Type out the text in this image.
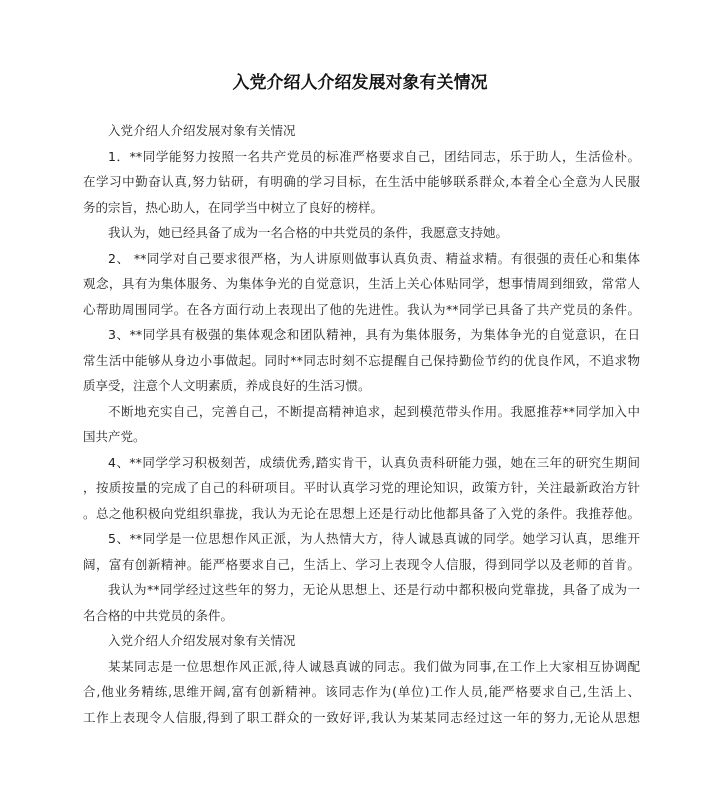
入党介绍人介绍发展对象有关情况
入党介绍人介绍发展对象有关情况
1．**同学能努力按照一名共产党员的标准严格要求自己，团结同志，乐于助人，生活俭朴。
在学习中勤奋认真,努力钻研，有明确的学习目标，在生活中能够联系群众,本着全心全意为人民服
务的宗旨，热心助人，在同学当中树立了良好的榜样。
我认为，她已经具备了成为一名合格的中共党员的条件，我愿意支持她。
2、 **同学对自己要求很严格，为人讲原则做事认真负责、精益求精。有很强的责任心和集体
观念，具有为集体服务、为集体争光的自觉意识，生活上关心体贴同学，想事情周到细致，常常人
心帮助周围同学。在各方面行动上表现出了他的先进性。我认为**同学已具备了共产党员的条件。
3、**同学具有极强的集体观念和团队精神，具有为集体服务，为集体争光的自觉意识，在日
常生活中能够从身边小事做起。同时**同志时刻不忘提醒自己保持勤俭节约的优良作风，不追求物
质享受，注意个人文明素质，养成良好的生活习惯。
不断地充实自己，完善自己，不断提高精神追求，起到模范带头作用。我愿推荐**同学加入中
国共产党。
4、**同学学习积极刻苦，成绩优秀,踏实肯干，认真负责科研能力强，她在三年的研究生期间
，按质按量的完成了自己的科研项目。平时认真学习党的理论知识，政策方针，关注最新政治方针
。总之他积极向党组织靠拢，我认为无论在思想上还是行动比他都具备了入党的条件。我推荐他。
5、**同学是一位思想作风正派，为人热情大方，待人诚恳真诚的同学。她学习认真，思维开
阔，富有创新精神。能严格要求自己，生活上、学习上表现令人信服，得到同学以及老师的首肯。
我认为**同学经过这些年的努力，无论从思想上、还是行动中都积极向党靠拢，具备了成为一
名合格的中共党员的条件。
入党介绍人介绍发展对象有关情况
某某同志是一位思想作风正派,待人诚恳真诚的同志。我们做为同事,在工作上大家相互协调配
合,他业务精练,思维开阔,富有创新精神。该同志作为(单位)工作人员,能严格要求自己,生活上、
工作上表现令人信服,得到了职工群众的一致好评,我认为某某同志经过这一年的努力,无论从思想
